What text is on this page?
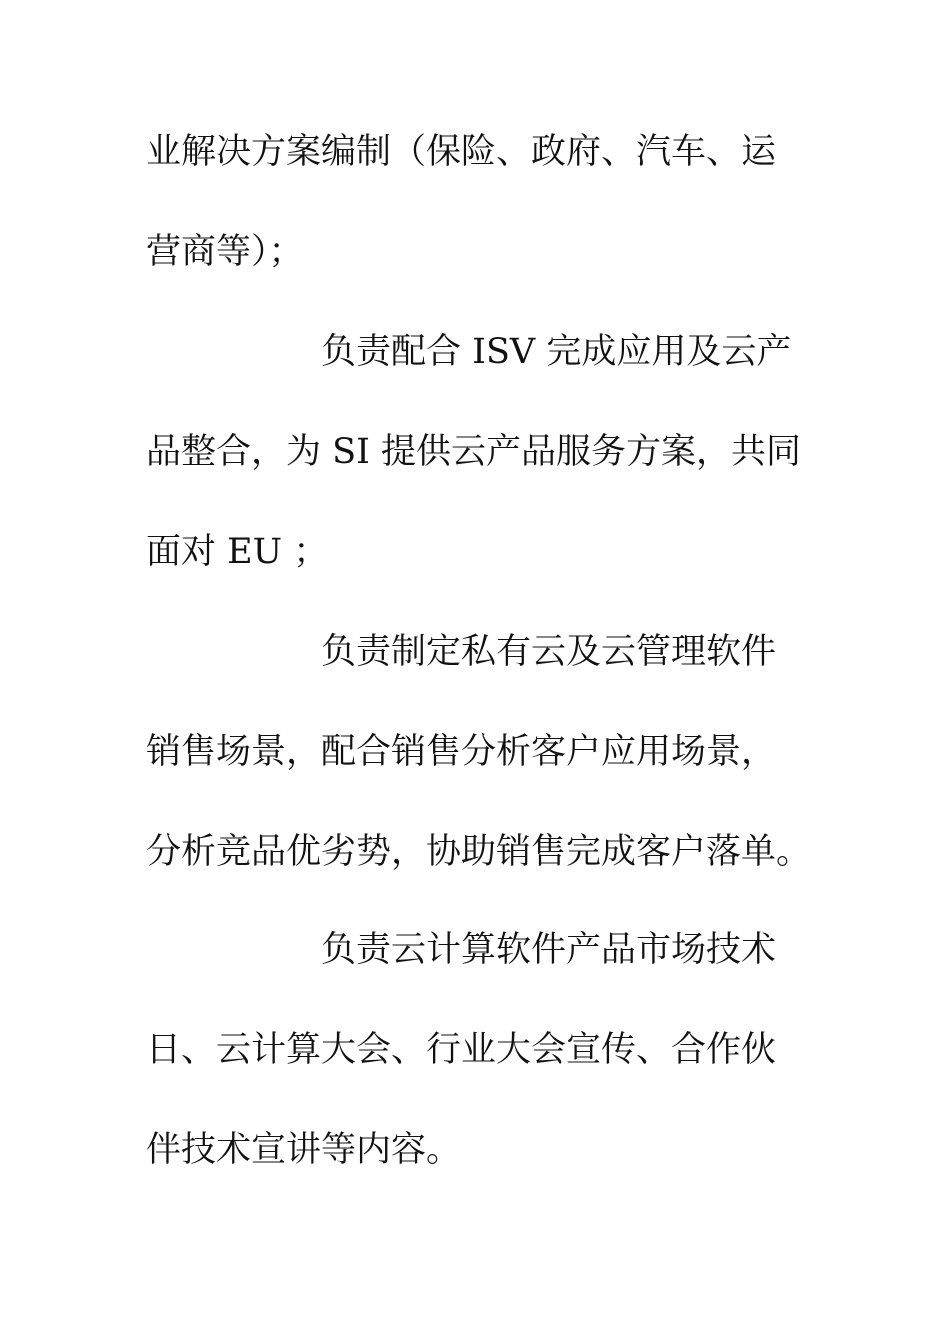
业解决方案编制（保险、政府、汽车、运
营商等）；
负责配合 ISV 完成应用及云产
品整合，为 SI 提供云产品服务方案，共同
面对 EU ；
负责制定私有云及云管理软件
销售场景，配合销售分析客户应用场景，
分析竞品优劣势，协助销售完成客户落单。
负责云计算软件产品市场技术
日、云计算大会、行业大会宣传、合作伙
伴技术宣讲等内容。
